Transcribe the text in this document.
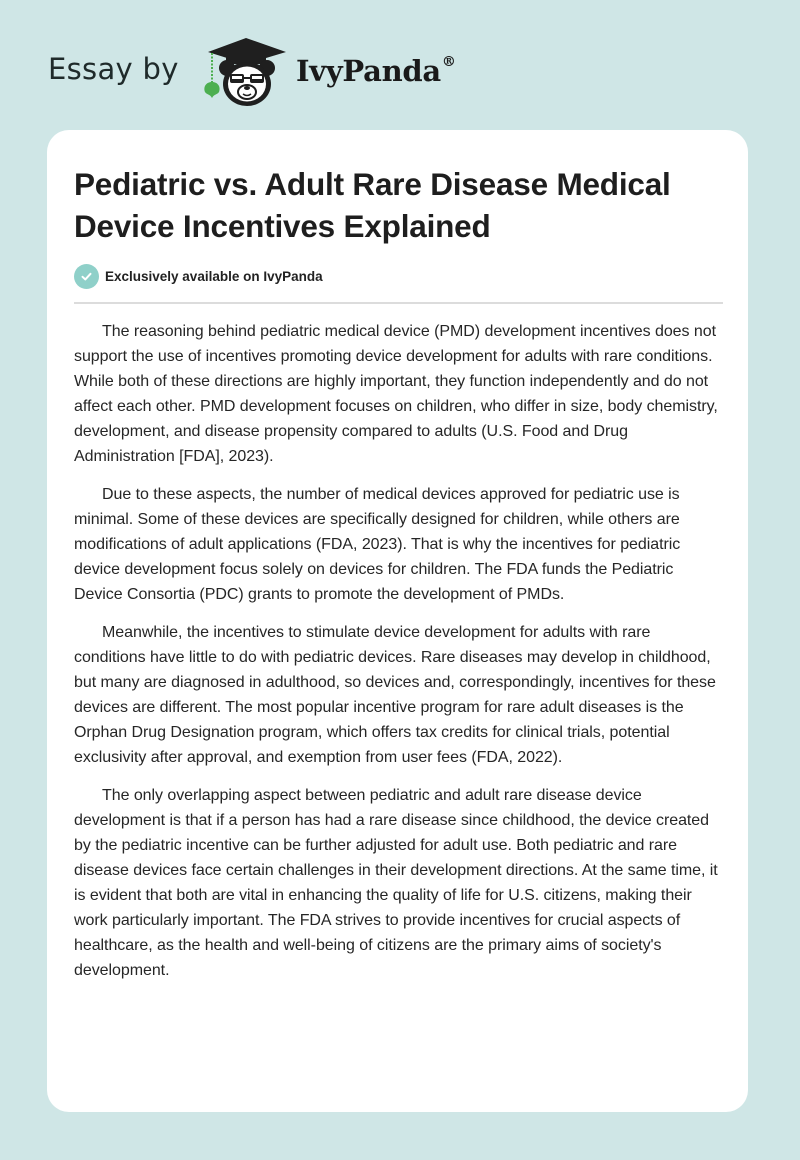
Essay by	IvyPanda®
Pediatric vs. Adult Rare Disease Medical Device Incentives Explained
Exclusively available on IvyPanda

The reasoning behind pediatric medical device (PMD) development incentives does not support the use of incentives promoting device development for adults with rare conditions. While both of these directions are highly important, they function independently and do not affect each other. PMD development focuses on children, who differ in size, body chemistry, development, and disease propensity compared to adults (U.S. Food and Drug Administration [FDA], 2023).

Due to these aspects, the number of medical devices approved for pediatric use is minimal. Some of these devices are specifically designed for children, while others are modifications of adult applications (FDA, 2023). That is why the incentives for pediatric device development focus solely on devices for children. The FDA funds the Pediatric Device Consortia (PDC) grants to promote the development of PMDs.

Meanwhile, the incentives to stimulate device development for adults with rare conditions have little to do with pediatric devices. Rare diseases may develop in childhood, but many are diagnosed in adulthood, so devices and, correspondingly, incentives for these devices are different. The most popular incentive program for rare adult diseases is the Orphan Drug Designation program, which offers tax credits for clinical trials, potential exclusivity after approval, and exemption from user fees (FDA, 2022).

The only overlapping aspect between pediatric and adult rare disease device development is that if a person has had a rare disease since childhood, the device created by the pediatric incentive can be further adjusted for adult use. Both pediatric and rare disease devices face certain challenges in their development directions. At the same time, it is evident that both are vital in enhancing the quality of life for U.S. citizens, making their work particularly important. The FDA strives to provide incentives for crucial aspects of healthcare, as the health and well-being of citizens are the primary aims of society's development.
